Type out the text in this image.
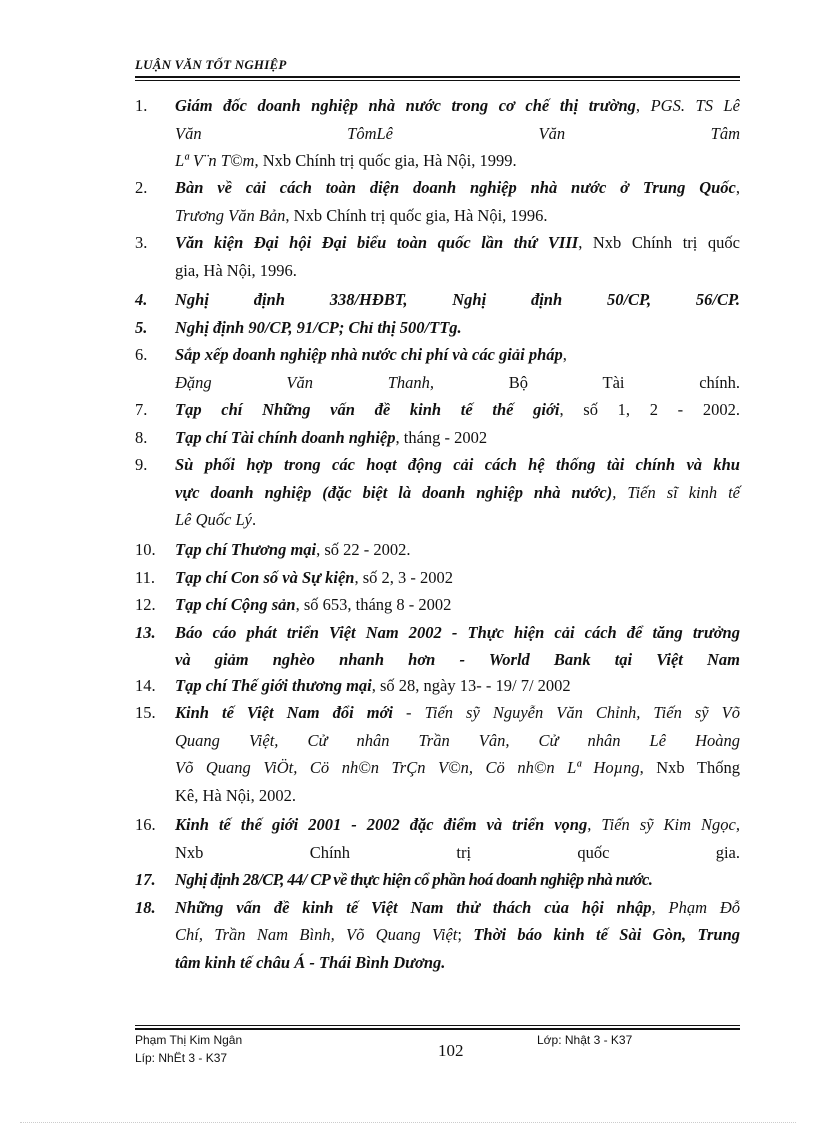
LUẬN VĂN TỐT NGHIỆP
1.	Giám đốc doanh nghiệp nhà nước trong cơ chế thị trường, PGS. TS Lê
Văn	TômLê	Văn	Tâm
Lª V¨n T©m, Nxb Chính trị quốc gia, Hà Nội, 1999.
2.	Bàn về cải cách toàn diện doanh nghiệp nhà nước ở Trung Quốc,
Trương Văn Bản, Nxb Chính trị quốc gia, Hà Nội, 1996.
3.	Văn kiện Đại hội Đại biểu toàn quốc lần thứ VIII, Nxb Chính trị quốc
gia, Hà Nội, 1996.
4.	Nghị	định	338/HĐBT,	Nghị	định	50/CP,	56/CP.
5.	Nghị định 90/CP, 91/CP; Chỉ thị 500/TTg.
6.	Sắp xếp doanh nghiệp nhà nước chi phí và các giải pháp,
Đặng	Văn	Thanh,	Bộ	Tài	chính.
7.	Tạp chí Những vấn đề kinh tế thế giới, số 1, 2 - 2002.
8.	Tạp chí Tài chính doanh nghiệp, tháng - 2002
9.	Sù phối hợp trong các hoạt động cải cách hệ thống tài chính và khu
vực doanh nghiệp (đặc biệt là doanh nghiệp nhà nước), Tiến sĩ kinh tế
Lê Quốc Lý.
10.	Tạp chí Thương mại, số 22 - 2002.
11.	Tạp chí Con số và Sự kiện, số 2, 3 - 2002
12.	Tạp chí Cộng sản, số 653, tháng 8 - 2002
13.	Báo cáo phát triển Việt Nam 2002 - Thực hiện cải cách để tăng trưởng
và giảm nghèo nhanh hơn - World Bank tại Việt Nam
14.	Tạp chí Thế giới thương mại, số 28, ngày 13- - 19/ 7/ 2002
15.	Kinh tế Việt Nam đổi mới - Tiến sỹ Nguyễn Văn Chỉnh, Tiến sỹ Võ
Quang Việt, Cử nhân Trần Vân, Cử nhân Lê Hoàng
Võ Quang ViÖt, Cö nh©n TrÇn V©n, Cö nh©n Lª Hoµng, Nxb Thống
Kê, Hà Nội, 2002.
16.	Kinh tế thế giới 2001 - 2002 đặc điểm và triển vọng, Tiến sỹ Kim Ngọc,
Nxb	Chính	trị	quốc	gia.
17.	Nghị định 28/CP, 44/ CP về thực hiện cổ phần hoá doanh nghiệp nhà nước.
18.	Những vấn đề kinh tế Việt Nam thử thách của hội nhập, Phạm Đỗ
Chí, Trần Nam Bình, Võ Quang Việt; Thời báo kinh tế Sài Gòn, Trung
tâm kinh tế châu Á - Thái Bình Dương.
Phạm Thị Kim Ngân
Líp: NhËt 3 - K37	102
Lớp: Nhật 3 - K37
